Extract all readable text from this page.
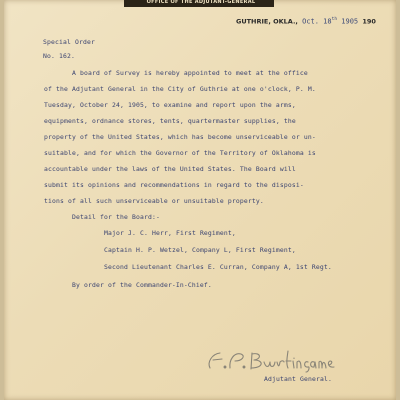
OFFICE OF THE ADJUTANT-GENERAL
GUTHRIE, OKLA., Oct. 18th 1905 190
Special Order
No. 162.
A board of Survey is hereby appointed to meet at the office
of the Adjutant General in the City of Guthrie at one o'clock, P. M.
Tuesday, October 24, 1905, to examine and report upon the arms,
equipments, ordnance stores, tents, quartermaster supplies, the
property of the United States, which has become unserviceable or un-
suitable, and for which the Governor of the Territory of Oklahoma is
accountable under the laws of the United States. The Board will
submit its opinions and recommendations in regard to the disposi-
tions of all such unserviceable or unsuitable property.
Detail for the Board:-
Major J. C. Herr, First Regiment,
Captain H. P. Wetzel, Company L, First Regiment,
Second Lieutenant Charles E. Curran, Company A, 1st Regt.
By order of the Commander-In-Chief.
Adjutant General.
